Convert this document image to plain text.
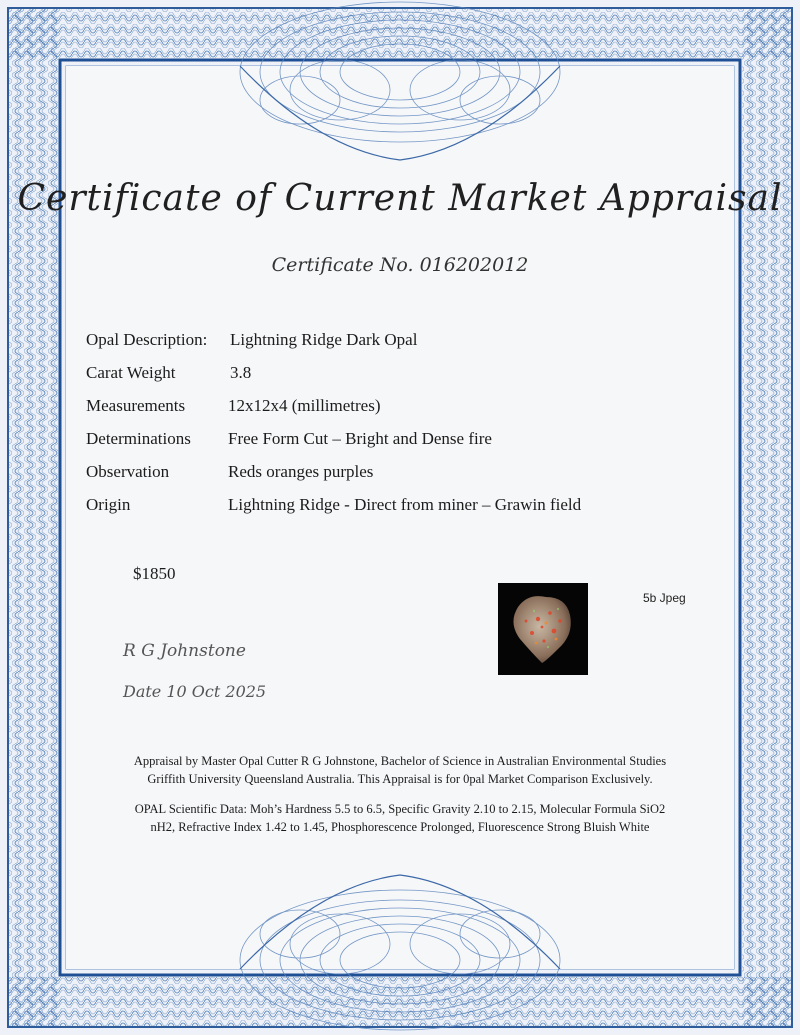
Certificate of Current Market Appraisal
Certificate No. 016202012
Opal Description: Lightning Ridge Dark Opal
Carat Weight	3.8
Measurements	12x12x4 (millimetres)
Determinations Free Form Cut – Bright and Dense fire
Observation	Reds oranges purples
Origin	Lightning Ridge - Direct from miner – Grawin field
$1850
5b Jpeg
R G Johnstone
Date 10 Oct 2025
Appraisal by Master Opal Cutter R G Johnstone, Bachelor of Science in Australian Environmental Studies
Griffith University Queensland Australia. This Appraisal is for 0pal Market Comparison Exclusively.
OPAL Scientific Data: Moh’s Hardness 5.5 to 6.5, Specific Gravity 2.10 to 2.15, Molecular Formula SiO2
nH2, Refractive Index 1.42 to 1.45, Phosphorescence Prolonged, Fluorescence Strong Bluish White
